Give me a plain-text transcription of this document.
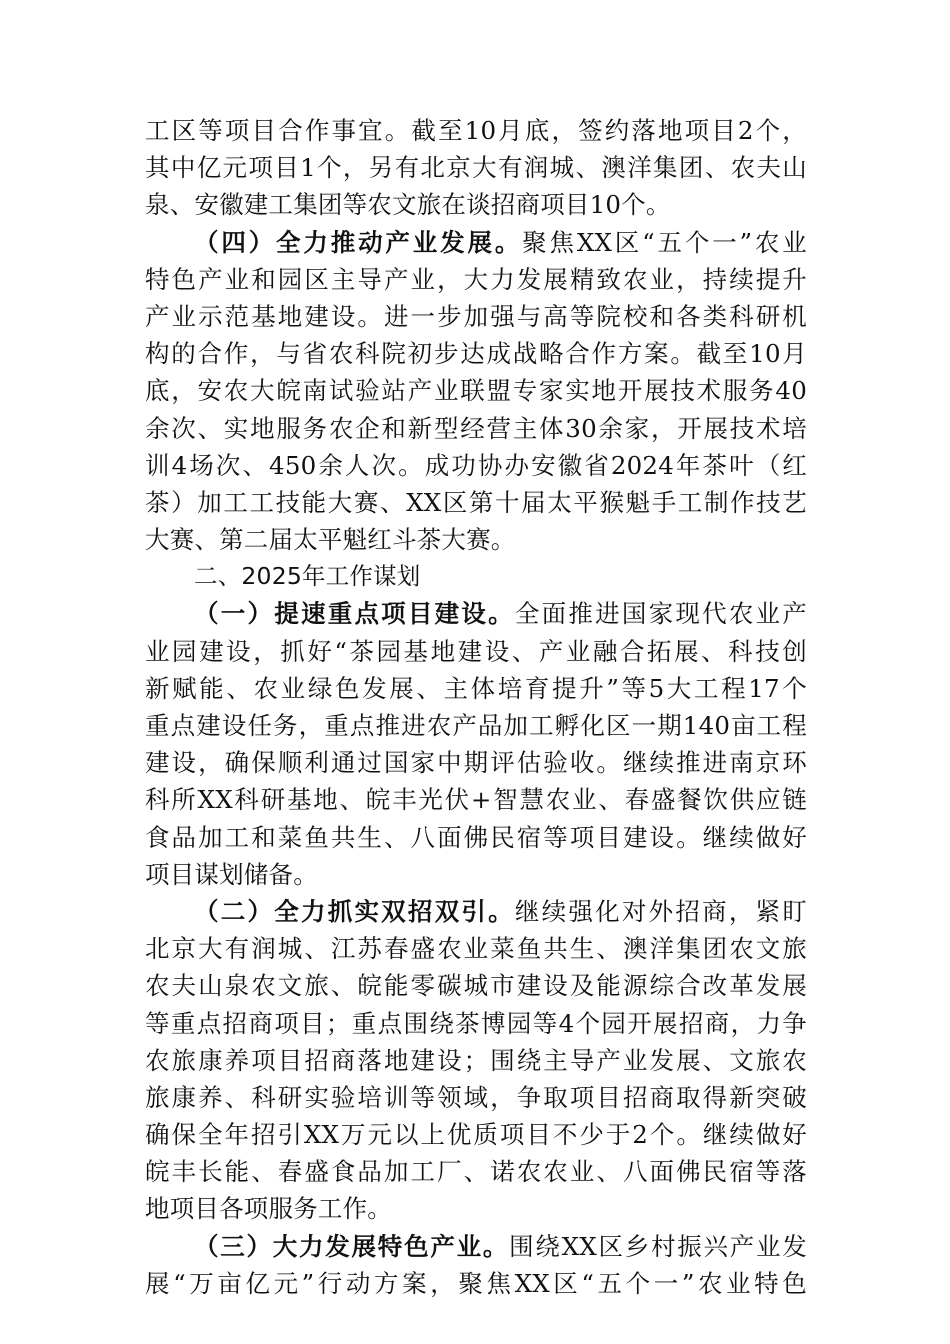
工区等项目合作事宜。截至10月底，签约落地项目2个，
其中亿元项目1个，另有北京大有润城、澳洋集团、农夫山
泉、安徽建工集团等农文旅在谈招商项目10个。
（四）全力推动产业发展。聚焦XX区“五个一”农业
特色产业和园区主导产业，大力发展精致农业，持续提升
产业示范基地建设。进一步加强与高等院校和各类科研机
构的合作，与省农科院初步达成战略合作方案。截至10月
底，安农大皖南试验站产业联盟专家实地开展技术服务40
余次、实地服务农企和新型经营主体30余家，开展技术培
训4场次、450余人次。成功协办安徽省2024年茶叶（红
茶）加工工技能大赛、XX区第十届太平猴魁手工制作技艺
大赛、第二届太平魁红斗茶大赛。
二、2025年工作谋划
（一）提速重点项目建设。全面推进国家现代农业产
业园建设，抓好“茶园基地建设、产业融合拓展、科技创
新赋能、农业绿色发展、主体培育提升”等5大工程17个
重点建设任务，重点推进农产品加工孵化区一期140亩工程
建设，确保顺利通过国家中期评估验收。继续推进南京环
科所XX科研基地、皖丰光伏+智慧农业、春盛餐饮供应链
食品加工和菜鱼共生、八面佛民宿等项目建设。继续做好
项目谋划储备。
（二）全力抓实双招双引。继续强化对外招商，紧盯
北京大有润城、江苏春盛农业菜鱼共生、澳洋集团农文旅
农夫山泉农文旅、皖能零碳城市建设及能源综合改革发展
等重点招商项目；重点围绕茶博园等4个园开展招商，力争
农旅康养项目招商落地建设；围绕主导产业发展、文旅农
旅康养、科研实验培训等领域，争取项目招商取得新突破
确保全年招引XX万元以上优质项目不少于2个。继续做好
皖丰长能、春盛食品加工厂、诺农农业、八面佛民宿等落
地项目各项服务工作。
（三）大力发展特色产业。围绕XX区乡村振兴产业发
展“万亩亿元”行动方案，聚焦XX区“五个一”农业特色
